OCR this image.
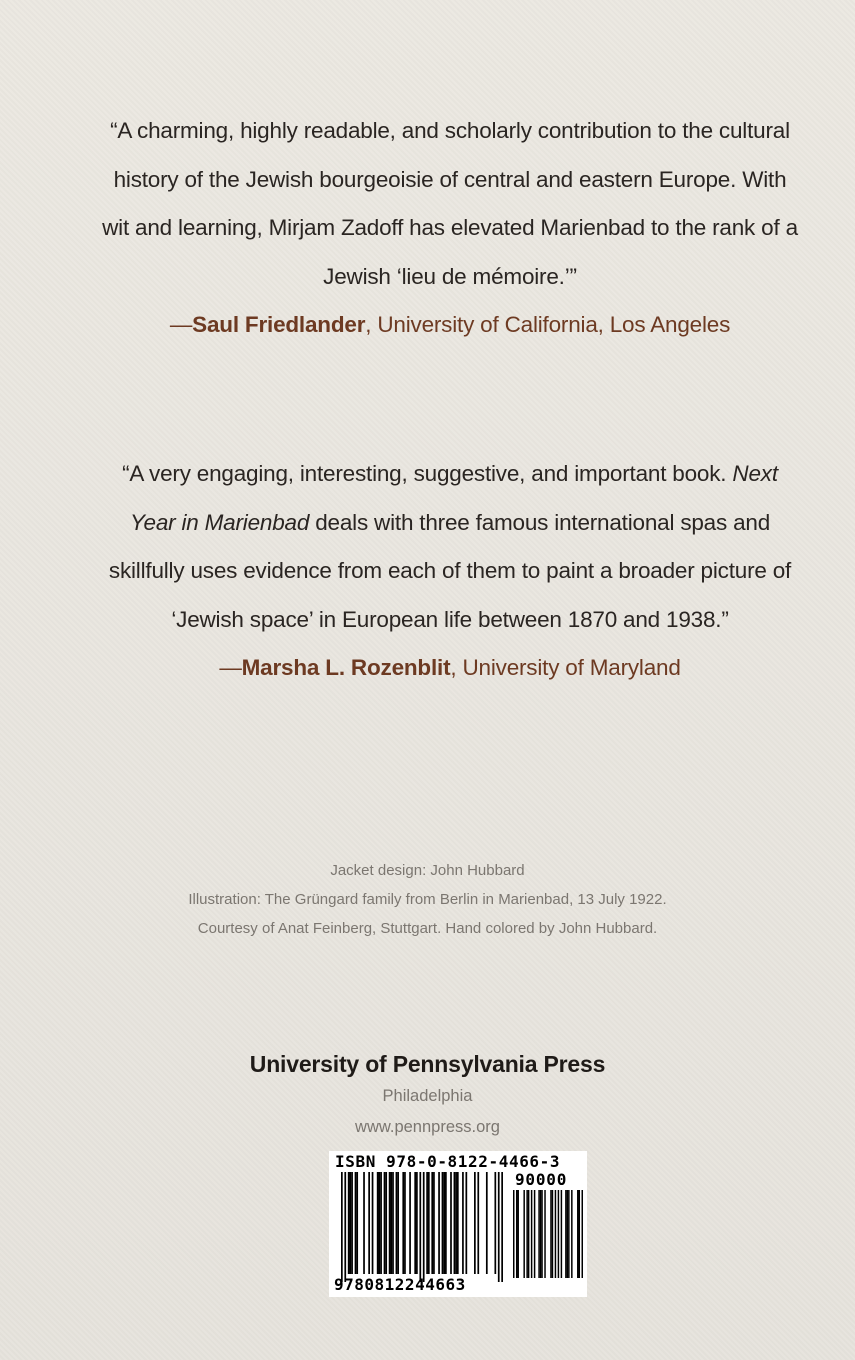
“A charming, highly readable, and scholarly contribution to the cultural
history of the Jewish bourgeoisie of central and eastern Europe. With
wit and learning, Mirjam Zadoff has elevated Marienbad to the rank of a
Jewish ‘lieu de mémoire.’”

—Saul Friedlander, University of California, Los Angeles

“A very engaging, interesting, suggestive, and important book. Next
Year in Marienbad deals with three famous international spas and
skillfully uses evidence from each of them to paint a broader picture of
‘Jewish space’ in European life between 1870 and 1938.”

—Marsha L. Rozenblit, University of Maryland

Jacket design: John Hubbard
Illustration: The Grüngard family from Berlin in Marienbad, 13 July 1922.
Courtesy of Anat Feinberg, Stuttgart. Hand colored by John Hubbard.
University of Pennsylvania Press
Philadelphia
www.pennpress.org
ISBN 978-0-8122-4466-3
90000
9780812244663
